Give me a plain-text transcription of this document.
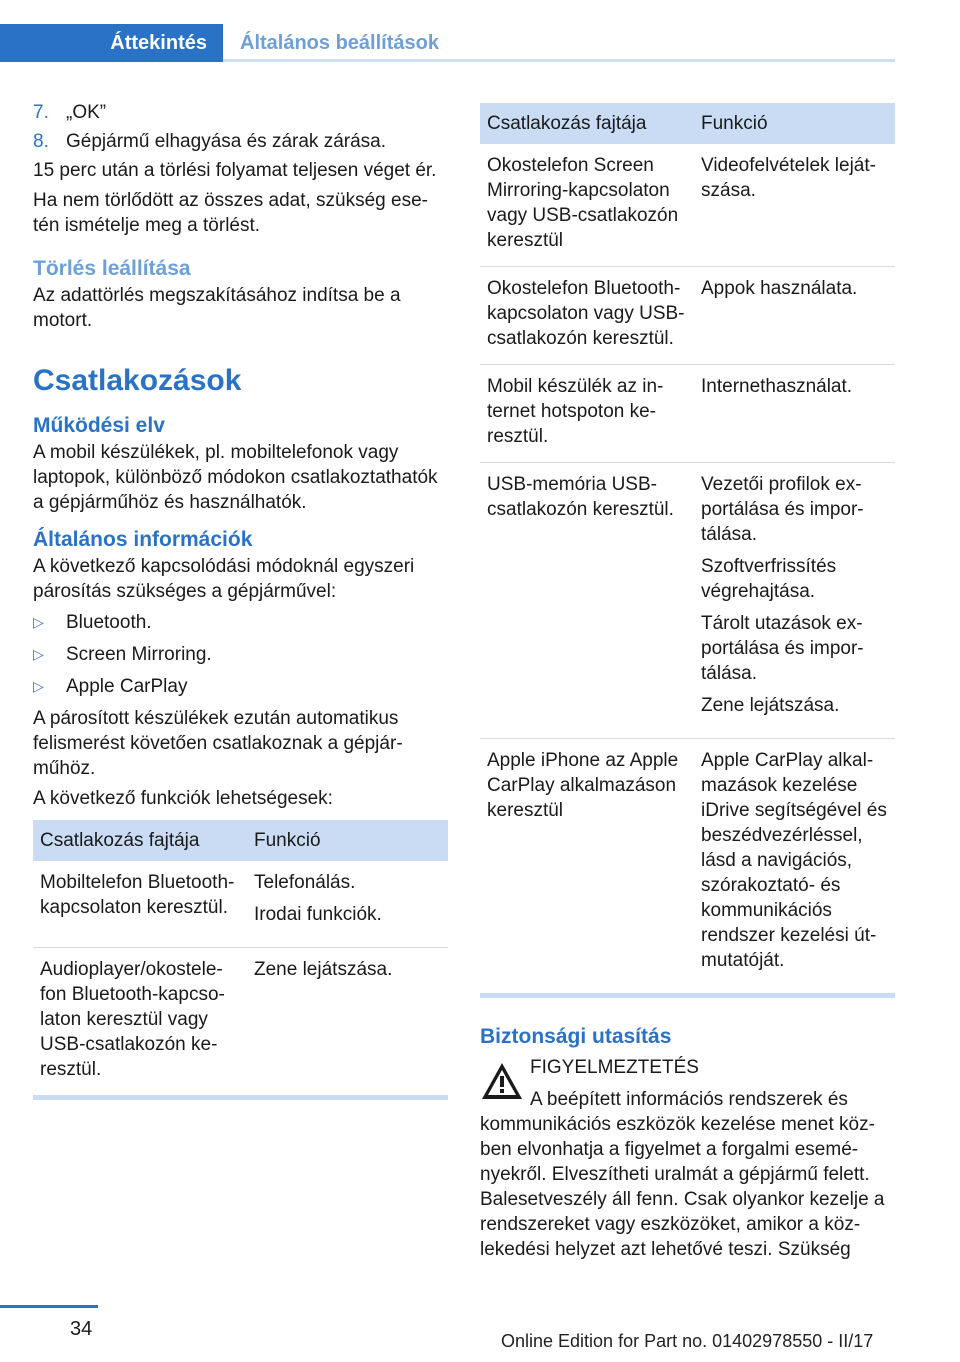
Áttekintés	Általános beállítások
7. „OK”
8. Gépjármű elhagyása és zárak zárása.

15 perc után a törlési folyamat teljesen véget ér.

Ha nem törlődött az összes adat, szükség esetén ismételje meg a törlést.

Törlés leállítása

Az adattörlés megszakításához indítsa be a motort.

Csatlakozások
Működési elv

A mobil készülékek, pl. mobiltelefonok vagy laptopok, különböző módokon csatlakoztathatók a gépjárműhöz és használhatók.

Általános információk

A következő kapcsolódási módoknál egyszeri párosítás szükséges a gépjárművel:

▷	Bluetooth.
▷	Screen Mirroring.
▷	Apple CarPlay

A párosított készülékek ezután automatikus felismerést követően csatlakoznak a gépjárműhöz.

A következő funkciók lehetségesek:

Csatlakozás fajtája	Funkció
Mobiltelefon Bluetooth-kapcsolaton keresztül.	Telefonálás.

Irodai funkciók.

Audioplayer/okostelefon Bluetooth-kapcsolaton keresztül vagy USB-csatlakozón keresztül.	Zene lejátszása.

Csatlakozás fajtája	Funkció
Okostelefon Screen Mirroring-kapcsolaton vagy USB-csatlakozón keresztül	Videofelvételek lejátszása.

Okostelefon Bluetooth-kapcsolaton vagy USB-csatlakozón keresztül.	Appok használata.

Mobil készülék az internet hotspoton keresztül.	Internethasználat.

USB-memória USB-csatlakozón keresztül.	Vezetői profilok exportálása és importálása.

Szoftverfrissítés végrehajtása.

Tárolt utazások exportálása és importálása.

Zene lejátszása.

Apple iPhone az Apple CarPlay alkalmazáson keresztül	Apple CarPlay alkalmazások kezelése iDrive segítségével és beszédvezérléssel, lásd a navigációs, szórakoztató- és kommunikációs rendszer kezelési útmutatóját.

Biztonsági utasítás
FIGYELMEZTETÉS
A beépített információs rendszerek és

kommunikációs eszközök kezelése menet közben elvonhatja a figyelmet a forgalmi eseményekről. Elveszítheti uralmát a gépjármű felett. Balesetveszély áll fenn. Csak olyankor kezelje a rendszereket vagy eszközöket, amikor a közlekedési helyzet azt lehetővé teszi. Szükség

34
Online Edition for Part no. 01402978550 - II/17
